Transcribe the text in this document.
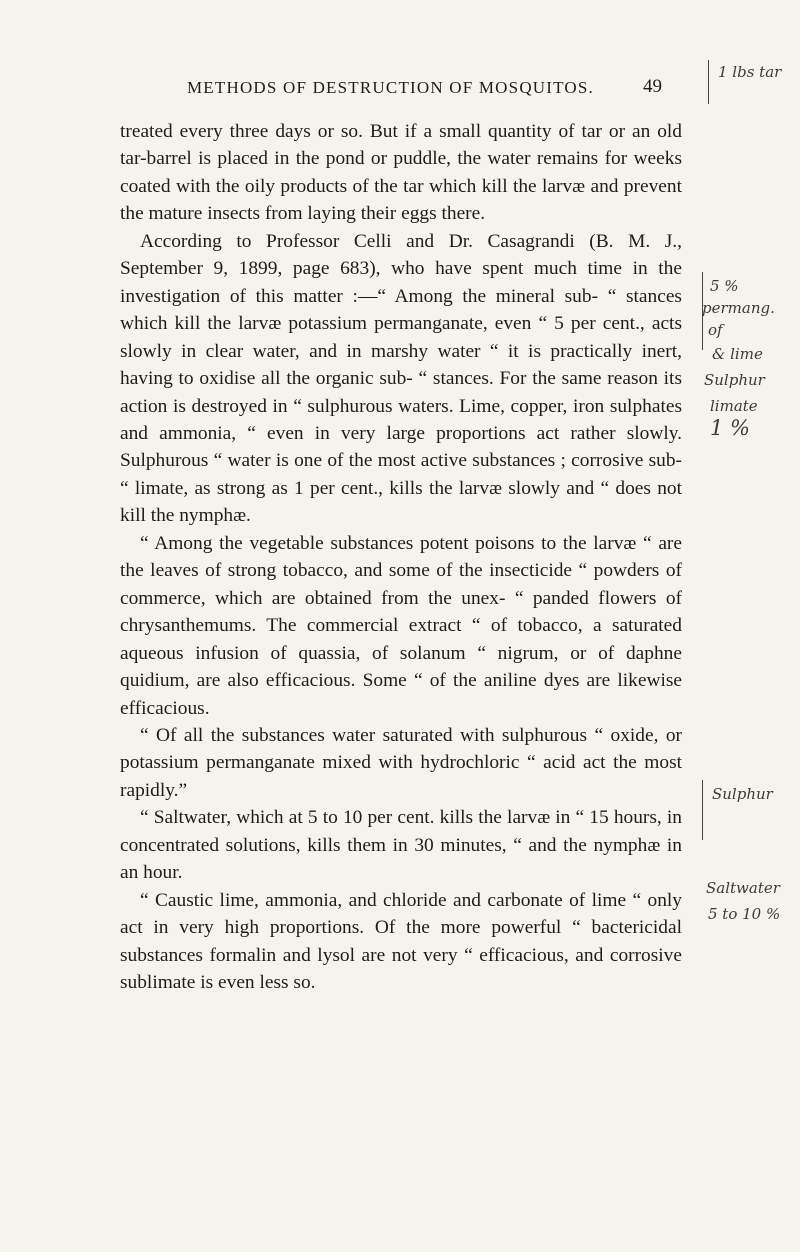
METHODS OF DESTRUCTION OF MOSQUITOS.	49
treated every three days or so. But if a small quantity of tar or an old tar-barrel is placed in the pond or puddle, the water remains for weeks coated with the oily products of the tar which kill the larvæ and prevent the mature insects from laying their eggs there.
According to Professor Celli and Dr. Casagrandi (B. M. J., September 9, 1899, page 683), who have spent much time in the investigation of this matter :—“ Among the mineral sub- “ stances which kill the larvæ potassium permanganate, even “ 5 per cent., acts slowly in clear water, and in marshy water “ it is practically inert, having to oxidise all the organic sub- “ stances. For the same reason its action is destroyed in “ sulphurous waters. Lime, copper, iron sulphates and ammonia, “ even in very large proportions act rather slowly. Sulphurous “ water is one of the most active substances ; corrosive sub- “ limate, as strong as 1 per cent., kills the larvæ slowly and “ does not kill the nymphæ.
“ Among the vegetable substances potent poisons to the larvæ “ are the leaves of strong tobacco, and some of the insecticide “ powders of commerce, which are obtained from the unex- “ panded flowers of chrysanthemums. The commercial extract “ of tobacco, a saturated aqueous infusion of quassia, of solanum “ nigrum, or of daphne quidium, are also efficacious. Some “ of the aniline dyes are likewise efficacious.
“ Of all the substances water saturated with sulphurous “ oxide, or potassium permanganate mixed with hydrochloric “ acid act the most rapidly.”
“ Saltwater, which at 5 to 10 per cent. kills the larvæ in “ 15 hours, in concentrated solutions, kills them in 30 minutes, “ and the nymphæ in an hour.
“ Caustic lime, ammonia, and chloride and carbonate of lime “ only act in very high proportions. Of the more powerful “ bactericidal substances formalin and lysol are not very “ efficacious, and corrosive sublimate is even less so.
1 lbs tar
5 %
permang.
of
& lime
Sulphur
limate
1 %
Sulphur
Saltwater
5 to 10 %
